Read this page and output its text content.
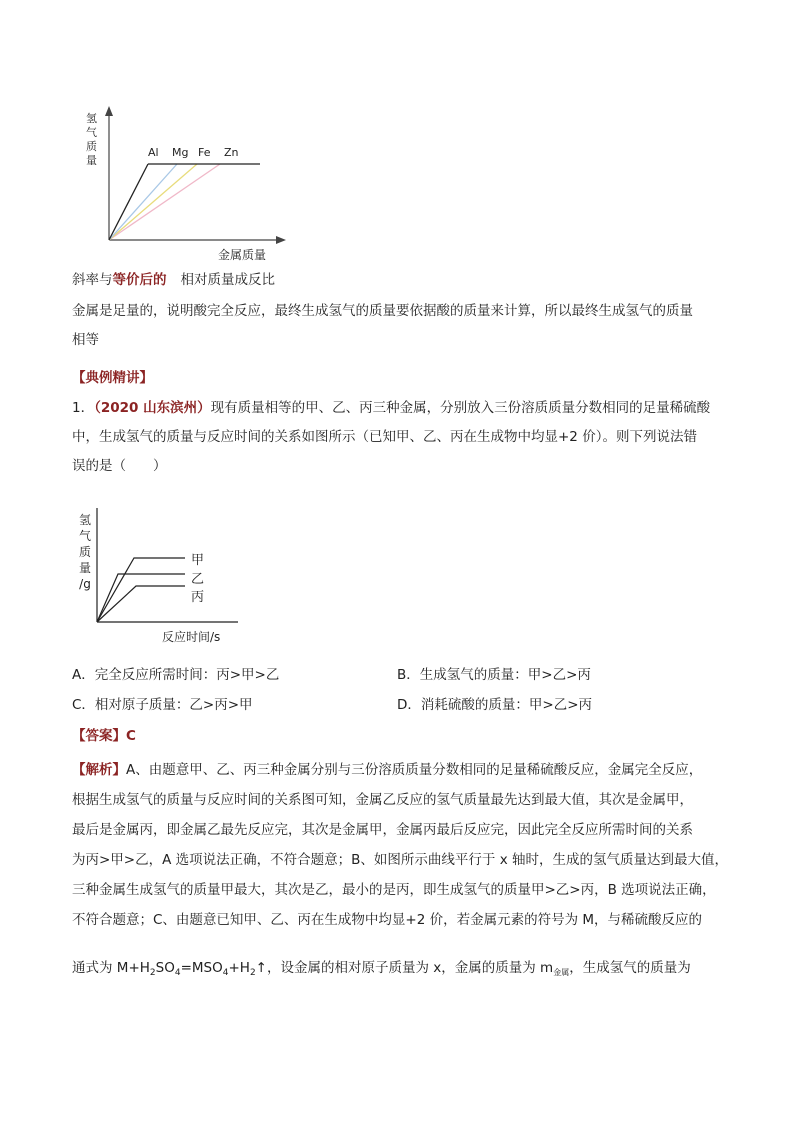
氢
气
质
量
Al Mg Fe Zn
金属质量
斜率与等价后的 相对质量成反比
金属是足量的，说明酸完全反应，最终生成氢气的质量要依据酸的质量来计算，所以最终生成氢气的质量
相等
【典例精讲】
1．（2020 山东滨州）现有质量相等的甲、乙、丙三种金属，分别放入三份溶质质量分数相同的足量稀硫酸
中，生成氢气的质量与反应时间的关系如图所示（已知甲、乙、丙在生成物中均显+2 价）。则下列说法错
误的是（　　）
氢
气
质
量
/g
甲
乙
丙
反应时间/s
A．完全反应所需时间：丙>甲>乙	B．生成氢气的质量：甲>乙>丙
C．相对原子质量：乙>丙>甲	D．消耗硫酸的质量：甲>乙>丙
【答案】C
【解析】A、由题意甲、乙、丙三种金属分别与三份溶质质量分数相同的足量稀硫酸反应，金属完全反应，
根据生成氢气的质量与反应时间的关系图可知，金属乙反应的氢气质量最先达到最大值，其次是金属甲，
最后是金属丙，即金属乙最先反应完，其次是金属甲，金属丙最后反应完，因此完全反应所需时间的关系
为丙>甲>乙，A 选项说法正确，不符合题意；B、如图所示曲线平行于 x 轴时，生成的氢气质量达到最大值，
三种金属生成氢气的质量甲最大，其次是乙，最小的是丙，即生成氢气的质量甲>乙>丙，B 选项说法正确，
不符合题意；C、由题意已知甲、乙、丙在生成物中均显+2 价，若金属元素的符号为 M，与稀硫酸反应的
通式为 $M+H_2SO_4=MSO_4+H_2↑$，设金属的相对原子质量为 x，金属的质量为 $m_{金属}$，生成氢气的质量为
